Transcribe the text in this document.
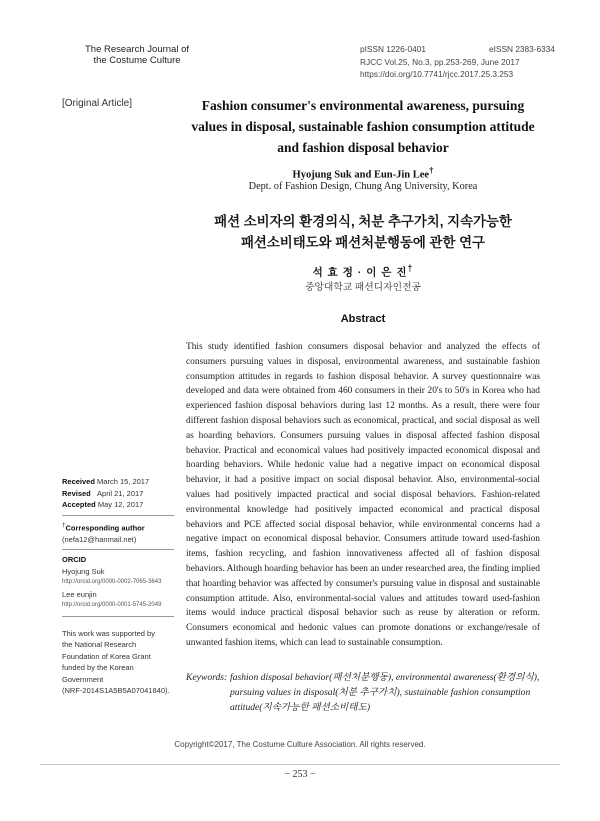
The Research Journal of
the Costume Culture
pISSN 1226-0401	eISSN 2383-6334
RJCC Vol.25, No.3, pp.253-269, June 2017
https://doi.org/10.7741/rjcc.2017.25.3.253
[Original Article]	Fashion consumer's environmental awareness, pursuing values in disposal, sustainable fashion consumption attitude and fashion disposal behavior
Hyojung Suk and Eun-Jin Lee†
Dept. of Fashion Design, Chung Ang University, Korea
패션 소비자의 환경의식, 처분 추구가치, 지속가능한
패션소비태도와 패션처분행동에 관한 연구
석 효 정 · 이 은 진†
중앙대학교 패션디자인전공
Abstract
This study identified fashion consumers disposal behavior and analyzed the effects of consumers pursuing values in disposal, environmental awareness, and sustainable fashion consumption attitudes in regards to fashion disposal behavior. A survey questionnaire was developed and data were obtained from 460 consumers in their 20's to 50's in Korea who had experienced fashion disposal behaviors during last 12 months. As a result, there were four different fashion disposal behaviors such as economical, practical, and social disposal as well as hoarding behaviors. Consumers pursuing values in disposal affected fashion disposal behavior. Practical and economical values had positively impacted economical disposal and hoarding behaviors. While hedonic value had a negative impact on economical disposal behavior, it had a positive impact on social disposal behavior. Also, environmental-social values had positively impacted practical and social disposal behaviors. Fashion-related environmental knowledge had positively impacted economical and practical disposal behaviors and PCE affected social disposal behavior, while environmental concerns had a negative impact on economical disposal behavior. Consumers attitude toward used-fashion items, fashion recycling, and fashion innovativeness affected all of fashion disposal behaviors. Although hoarding behavior has been an under researched area, the finding implied that hoarding behavior was affected by consumer's pursuing value in disposal and sustainable consumption attitude. Also, environmental-social values and attitudes toward used-fashion items would induce practical disposal behavior such as reuse by alteration or reform. Consumers economical and hedonic values can promote donations or exchange/resale of unwanted fashion items, which can lead to sustainable consumption.
Keywords: fashion disposal behavior(패션처분행동), environmental awareness(환경의식), pursuing values in disposal(처분 추구가치), sustainable fashion consumption attitude(지속가능한 패션소비태도)
Received March 15, 2017
Revised April 21, 2017
Accepted May 12, 2017
†Corresponding author
(nefa12@hanmail.net)
ORCID
Hyojung Suk
http://orcid.org/0000-0002-7065-3643
Lee eunjin
http://orcid.org/0000-0001-5745-2049
This work was supported by
the National Research
Foundation of Korea Grant
funded by the Korean
Government
(NRF-2014S1A5B5A07041840).
Copyright©2017, The Costume Culture Association. All rights reserved.
− 253 −
